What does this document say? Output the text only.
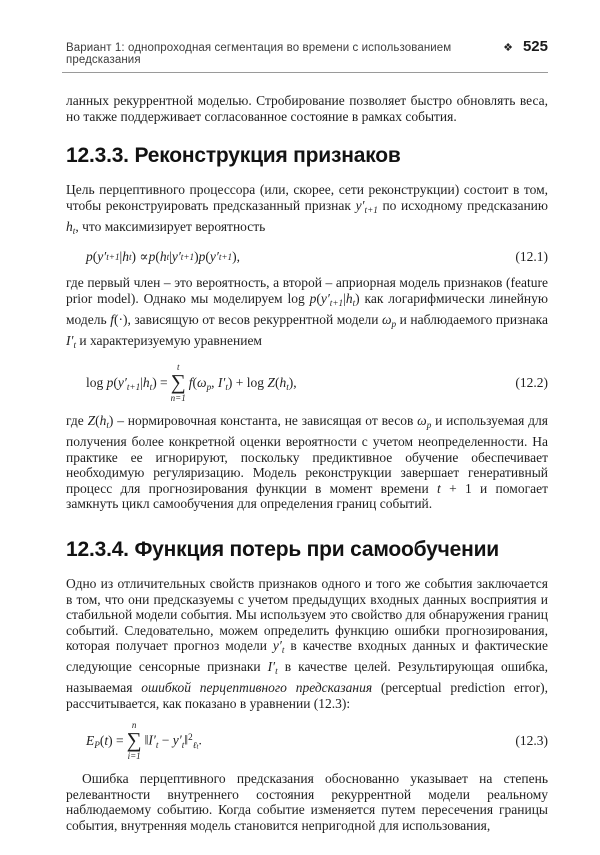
Вариант 1: однопроходная сегментация во времени с использованием предсказания
❖ 525

ланных рекуррентной моделью. Стробирование позволяет быстро обновлять веса, но также поддерживает согласованное состояние в рамках события.

12.3.3. Реконструкция признаков

Цель перцептивного процессора (или, скорее, сети реконструкции) состоит в том, чтобы реконструировать предсказанный признак $y'_{t+1}$ по исходному предсказанию $h_t$, что максимизирует вероятность

p ( y′ t+1 | h t ) ∝ p ( h t | y′ t+1 ) p ( y′ t+1 ),	(12.1)

где первый член – это вероятность, а второй – априорная модель признаков (feature prior model). Однако мы моделируем $\log p(y'_{t+1}|h_t)$ как логарифмически линейную модель f(·), зависящую от весов рекуррентной модели $\omega_p$ и наблюдаемого признака $I'_t$ и характеризуемую уравнением

$\log p(y'_{t+1}|h_t)$ =
t
∑
n=1
$f(\omega_p$, $I'_t) + \log Z(h_t)$,	(12.2)

где $Z(h_t)$ – нормировочная константа, не зависящая от весов $\omega_p$ и используемая для получения более конкретной оценки вероятности с учетом неопределенности. На практике ее игнорируют, поскольку предиктивное обучение обеспечивает необходимую регуляризацию. Модель реконструкции завершает генеративный процесс для прогнозирования функции в момент времени t + 1 и помогает замкнуть цикл самообучения для определения границ событий.

12.3.4. Функция потерь при самообучении

Одно из отличительных свойств признаков одного и того же события заключается в том, что они предсказуемы с учетом предыдущих входных данных восприятия и стабильной модели события. Мы используем это свойство для обнаружения границ событий. Следовательно, можем определить функцию ошибки прогнозирования, которая получает прогноз модели $y'_t$ в качестве входных данных и фактические следующие сенсорные признаки $I'_t$ в качестве целей. Результирующая ошибка, называемая ошибкой перцептивного предсказания (perceptual prediction error), рассчитывается, как показано в уравнении (12.3):

$E_P(t)$ =
n
∑
i=1
$‖I'_t$ − $y'_t‖^2_{\ell t}$.	(12.3)

Ошибка перцептивного предсказания обоснованно указывает на степень релевантности внутреннего состояния рекуррентной модели реальному наблюдаемому событию. Когда событие изменяется путем пересечения границы события, внутренняя модель становится непригодной для использования,
